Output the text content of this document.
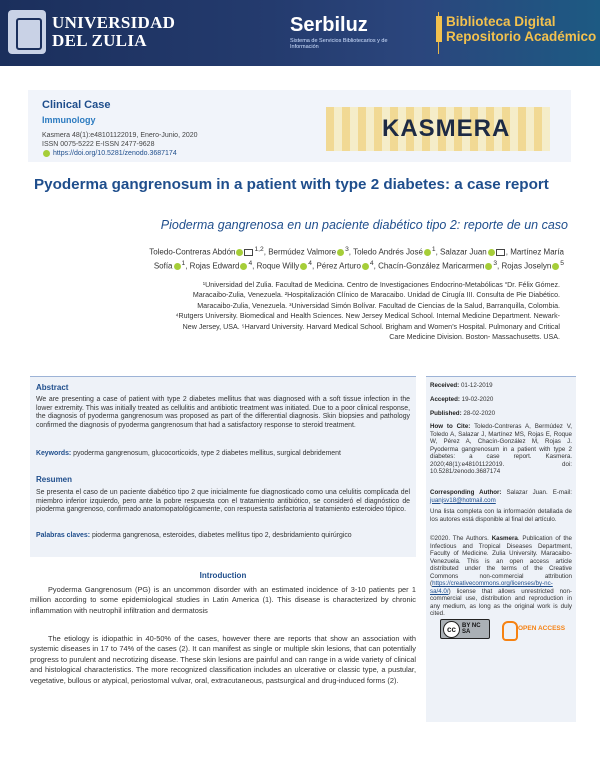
UNIVERSIDAD
DEL ZULIA
Serbiluz
Sistema de Servicios Bibliotecarios y de Información
Biblioteca Digital
Repositorio Académico
Clinical Case
Immunology
Kasmera 48(1):e48101122019, Enero-Junio, 2020
ISSN 0075-5222 E-ISSN 2477-9628
https://doi.org/10.5281/zenodo.3687174
KASMERA
Pyoderma gangrenosum in a patient with type 2 diabetes: a case report
Pioderma gangrenosa en un paciente diabético tipo 2: reporte de un caso
Toledo-Contreras Abdón	$^{1,2}$, Bermúdez Valmore $^3$, Toledo Andrés José $^1$, Salazar Juan , Martínez María
Sofía $^1$, Rojas Edward $^4$, Roque Willy $^4$, Pérez Arturo $^4$, Chacín-González Maricarmen $^3$, Rojas Joselyn $^5$
¹Universidad del Zulia. Facultad de Medicina. Centro de Investigaciones Endocrino-Metabólicas “Dr. Félix Gómez.
Maracaibo-Zulia, Venezuela. ²Hospitalización Clínico de Maracaibo. Unidad de Cirugía III. Consulta de Pie Diabético.
Maracaibo-Zulia, Venezuela. ³Universidad Simón Bolívar. Facultad de Ciencias de la Salud, Barranquilla, Colombia.
⁴Rutgers University. Biomedical and Health Sciences. New Jersey Medical School. Internal Medicine Department. Newark-
New Jersey, USA. ⁵Harvard University. Harvard Medical School. Brigham and Women’s Hospital. Pulmonary and Critical
Care Medicine Division. Boston- Massachusetts. USA.
Abstract
We are presenting a case of patient with type 2 diabetes mellitus that was diagnosed with a soft tissue infection in the lower extremity. This was initially treated as cellulitis and antibiotic treatment was initiated. Due to a poor clinical response, the diagnosis of pyoderma gangrenosum was proposed as part of the differential diagnosis. Skin biopsies and pathology confirmed the diagnosis of pyoderma gangrenosum that had a satisfactory response to steroid treatment.
Keywords: pyoderma gangrenosum, glucocorticoids, type 2 diabetes mellitus, surgical debridement
Resumen
Se presenta el caso de un paciente diabético tipo 2 que inicialmente fue diagnosticado como una celulitis complicada del miembro inferior izquierdo, pero ante la pobre respuesta con el tratamiento antibiótico, se consideró el diagnóstico de pioderma gangrenoso, confirmado anatomopatológicamente, con respuesta satisfactoria al tratamiento esteroideo tópico.
Palabras claves: pioderma gangrenosa, esteroides, diabetes mellitus tipo 2, desbridamiento quirúrgico
Received: 01-12-2019
Accepted: 19-02-2020
Published: 28-02-2020
How to Cite: Toledo-Contreras A, Bermúdez V, Toledo A, Salazar J, Martínez MS, Rojas E, Roque W, Pérez A, Chacín-González M, Rojas J. Pyoderma gangrenosum in a patient with type 2 diabetes: a case report. Kasmera. 2020;48(1):e48101122019. doi: 10.5281/zenodo.3687174
Corresponding Author: Salazar Juan. E-mail: juanjsv18@hotmail.com
Una lista completa con la información detallada de los autores está disponible al final del artículo.
©2020. The Authors. Kasmera. Publication of the Infectious and Tropical Diseases Department, Faculty of Medicine. Zulia University. Maracaibo-Venezuela. This is an open access article distributed under the terms of the Creative Commons non-commercial attribution (https://creativecommons.org/licenses/by-nc-sa/4.0/) license that allows unrestricted non-commercial use, distribution and reproduction in any medium, as long as the original work is duly cited.
cc	BY NC SA	OPEN ACCESS
Introduction
Pyoderma Gangrenosum (PG) is an uncommon disorder with an estimated incidence of 3-10 patients per 1 million according to some epidemiological studies in Latin America (1). This disease is characterized by chronic inflammation with neutrophil infiltration and dermatosis
The etiology is idiopathic in 40-50% of the cases, however there are reports that show an association with systemic diseases in 17 to 74% of the cases (2). It can manifest as single or multiple skin lesions, that can potentially progress to purulent and necrotizing disease. These skin lesions are painful and can range in a wide variety of clinical and histological characteristics. The more recognized classification includes an ulcerative or classic type, a pustular, vegetative, bullous or atypical, periostomal vulvar, oral, extracutaneous, pastsurgical and drug-induced forms (2).
